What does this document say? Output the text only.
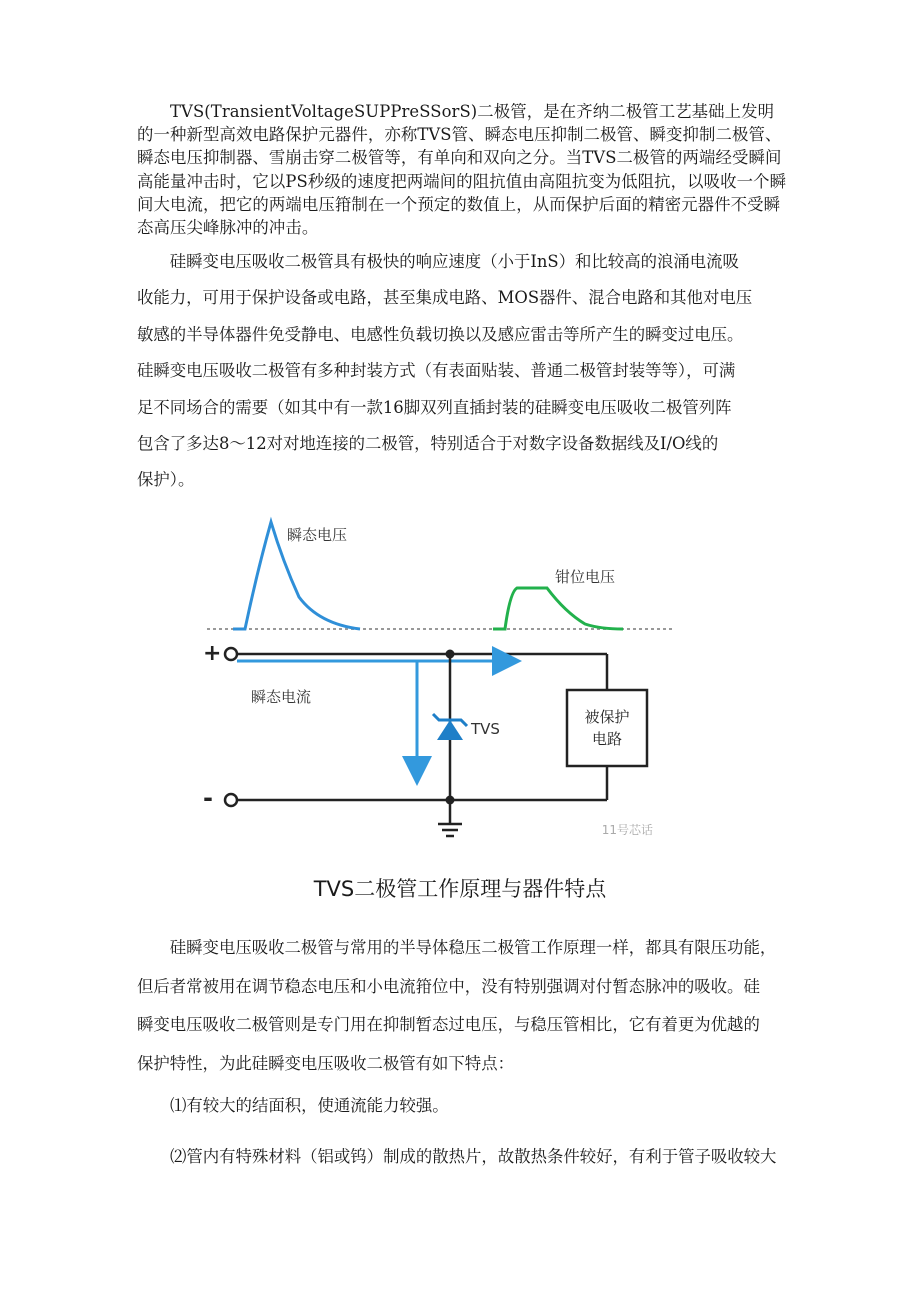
TVS(TransientVoltageSUPPreSSorS)二极管，是在齐纳二极管工艺基础上发明的一种新型高效电路保护元器件，亦称TVS管、瞬态电压抑制二极管、瞬变抑制二极管、瞬态电压抑制器、雪崩击穿二极管等，有单向和双向之分。当TVS二极管的两端经受瞬间高能量冲击时，它以PS秒级的速度把两端间的阻抗值由高阻抗变为低阻抗，以吸收一个瞬间大电流，把它的两端电压箝制在一个预定的数值上，从而保护后面的精密元器件不受瞬态高压尖峰脉冲的冲击。

　　硅瞬变电压吸收二极管具有极快的响应速度（小于InS）和比较高的浪涌电流吸
收能力，可用于保护设备或电路，甚至集成电路、MOS器件、混合电路和其他对电压
敏感的半导体器件免受静电、电感性负载切换以及感应雷击等所产生的瞬变过电压。
硅瞬变电压吸收二极管有多种封装方式（有表面贴装、普通二极管封装等等），可满
足不同场合的需要（如其中有一款16脚双列直插封装的硅瞬变电压吸收二极管列阵
包含了多达8～12对对地连接的二极管，特别适合于对数字设备数据线及I/O线的
保护）。
瞬态电压
钳位电压
+
瞬态电流
TVS
被保护
电路
-
11号芯话
TVS二极管工作原理与器件特点
　　硅瞬变电压吸收二极管与常用的半导体稳压二极管工作原理一样，都具有限压功能，
但后者常被用在调节稳态电压和小电流箝位中，没有特别强调对付暂态脉冲的吸收。硅
瞬变电压吸收二极管则是专门用在抑制暂态过电压，与稳压管相比，它有着更为优越的
保护特性，为此硅瞬变电压吸收二极管有如下特点：
⑴有较大的结面积，使通流能力较强。
⑵管内有特殊材料（铝或钨）制成的散热片，故散热条件较好，有利于管子吸收较大
